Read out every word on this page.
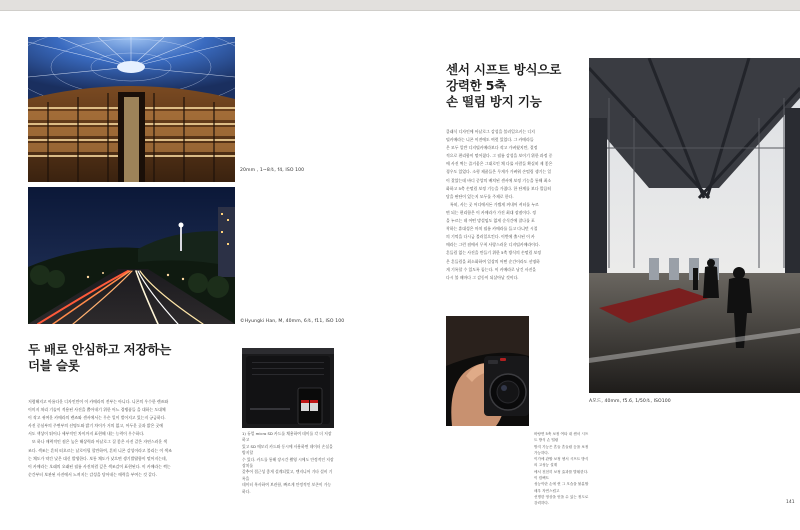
20mm , 1~8초, f4, ISO 100
©Hyungki Han, M, 40mm, 6초, f11, ISO 100
두 배로 안심하고 저장하는
더블 슬롯
저렴해지고 아름다운 디자인만이 이 카메라의 전부는 아니다. 니콘의 우수한 렌즈와
이미지 처리 기술이 적용된 사진을 뽑아내기 위한 어느 경쟁품들 을 대하는 도대체
이 작고 귀여운 카메라의 렌즈와 센서에서는 무슨 일이 벌어지고 있는지 궁금하다.
사진 중심부의 주변부의 선명도와 밝기 차이가 거의 없고, 어두운 곳과 밝은 곳에
서도 색상이 뛰어나 세부적인 차이까지 표현해 내는 능력이 우수하다.
또 하나 매력적인 점은 높은 해상력과 아날로그 질 좋은 사진 같은 자연스러운 색
조다. 색조는 흔히 떠오르는 날로이될 할만하여, 흔히 니콘 감성이라고 불리는 이 색조
는 채도가 약간 낮은 대신 발생한다. 보통 채도가 낮으면 생기발랄함이 떨어지는데,
이 카메라는 오래의 오래된 필름 사진처럼 깊은 색조감이 표현된다. 이 카메라는 찍는
순간부터 보관된 사진에서 느껴지는 감성을 담아내는 매력을 부여는 것 같다.
1) 듀얼 micro SD 카드를 채용하여 데이를 각 더 저장하고
있고 SD 메모리 카드와 동시에 사용하면 데이터 손실을 방지할
수 있다. 카드를 통해 장시간 촬영 시에도 안정적인 저장 장치를
갖추어 접근성 좋게 설계되었고, 엔지니어 기타 설비 기록을
데이터 복사하여 보관함, 빠르게 안정적인 보존이 가능하다.
센서 시프트 방식으로
강력한 5축
손 떨림 방지 기능
클래식 디자인에 아날로그 감성을 불러일으키는 디지
털카메라는 니콘 이전에도 여럿 있었다. 그 카메라들
은 모두 일반 디지털카메라보다 작고 가벼웠지만, 결정
적으로 편리함이 떨어졌다. 그 필름 감성을 보이기 위한 과정 중
에 사진 찍는 즐거움은 그대로인 채 다룰 사람들 확실히 제 좋은
경우도 있었다. 소형 제품들은 무게가 가벼워 손떨림 생기는 일
이 잦았는데 바디 중앙의 배치된 센서에 보정 기능을 통해 최소
화하고 5축 손떨림 보정 기능을 가졌다. 한 단계를 보다 깔끔히
담을 판단이 있는지 모두를 주제로 한다.
특히, 사는 곳 어디에서든 가볍게 꺼내어 셔터를 누르
면 되는 편리함은 이 카메라가 가진 최대 장점이다. 정
을 누르는 데 어떤 망설임도 없게 순식간에 찰나를 포
착하는 휴대성은 마치 필름 카메라를 들고 다니던 시절
의 기억을 다시금 불러일으킨다. 이번에 출시된 이 카
메라는 그런 점에서 무척 사랑스러운 디지털카메라이다.
흔들림 없는 사진을 만들기 위한 5축 방식의 손떨림 보정
은 흔들림을 최소화하여 일상의 어떤 순간이라도 선명하
게 기록할 수 있도록 돕는다. 이 카메라로 남긴 사진을
다시 볼 때마다 그 감동이 되살아날 것이다.
바탕면 5축 보정 여타 내 센서 시프트 방식 손 떨림
방지 기능은 흔들 흔들림 등을 보정 가능하다.
이가에 관할 보정 센서 시프트 방식의 고성능 설계
에서 천천히 보정 효과를 발휘한다. 이 컴팩트
성능이란 손에 쥔 그 모습을 불분할 매우 자연스럽고
선명한 영상을 얻을 수 있는 정도로 강력하다.
A모드, 40mm, f5.6, 1/50초, ISO100
141
